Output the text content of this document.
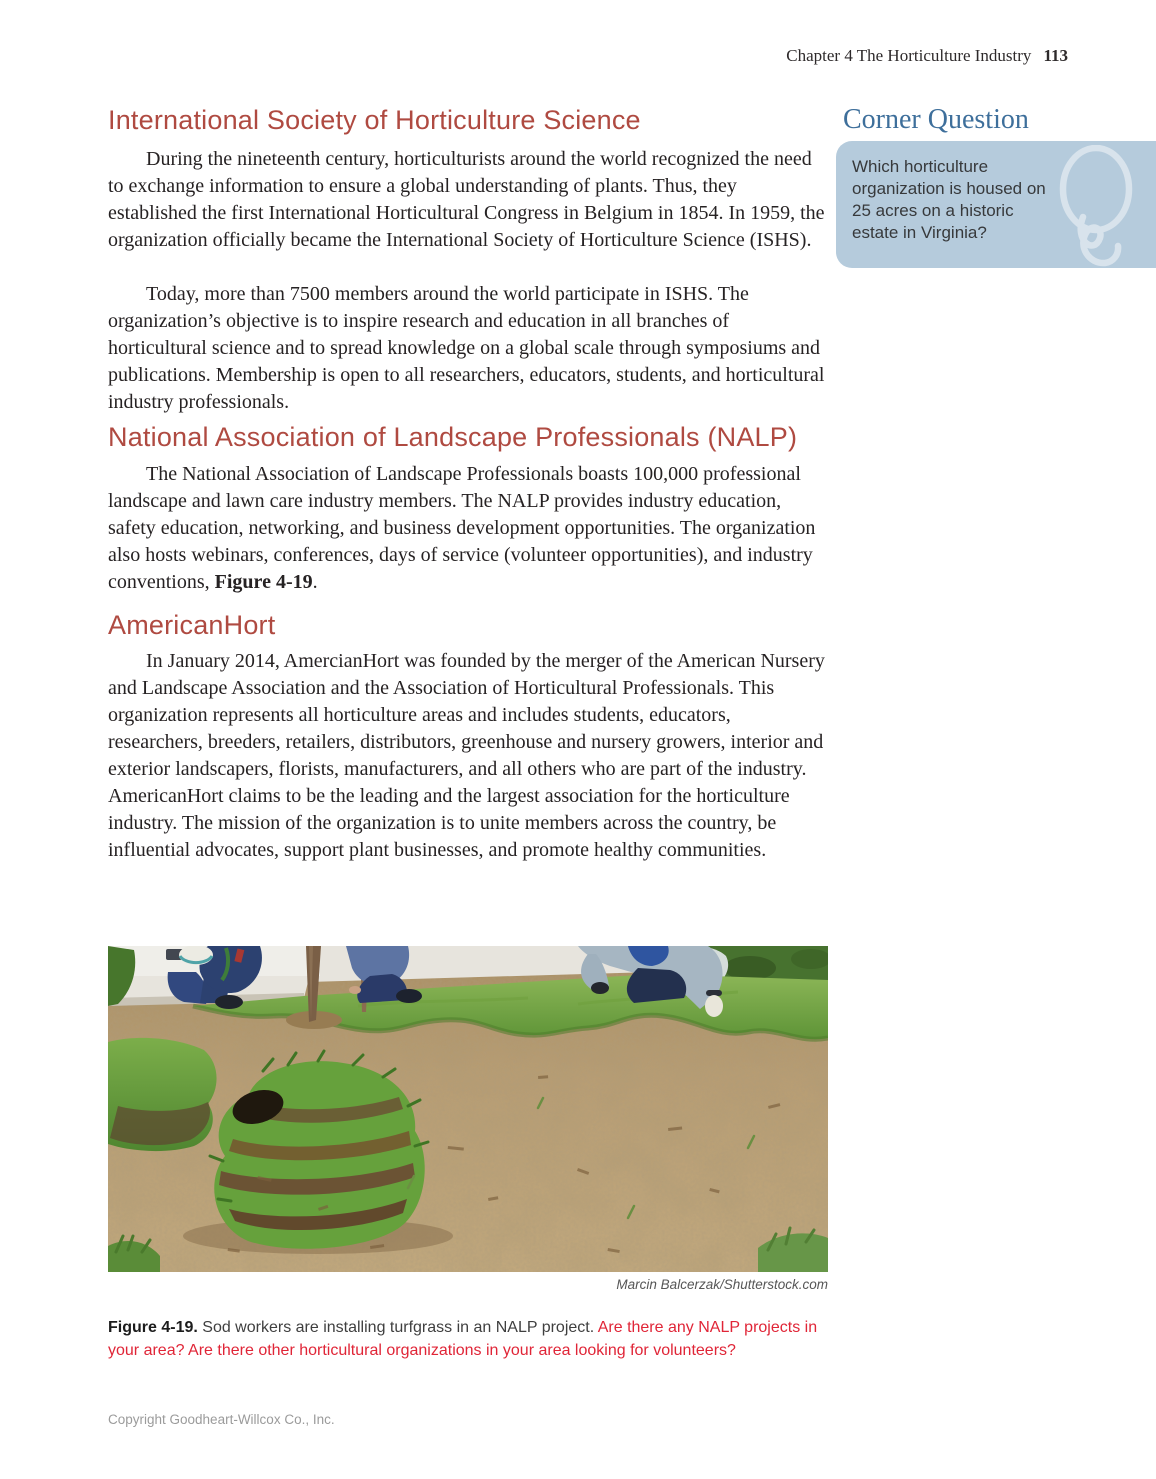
Chapter 4 The Horticulture Industry 113
International Society of Horticulture Science

During the nineteenth century, horticulturists around the world recognized the need to exchange information to ensure a global understanding of plants. Thus, they established the first International Horticultural Congress in Belgium in 1854. In 1959, the organization officially became the International Society of Horticulture Science (ISHS).

Today, more than 7500 members around the world participate in ISHS. The organization’s objective is to inspire research and education in all branches of horticultural science and to spread knowledge on a global scale through symposiums and publications. Membership is open to all researchers, educators, students, and horticultural industry professionals.

Corner Question

Which horticulture organization is housed on 25 acres on a historic estate in Virginia?

National Association of Landscape Professionals (NALP)

The National Association of Landscape Professionals boasts 100,000 professional landscape and lawn care industry members. The NALP provides industry education, safety education, networking, and business development opportunities. The organization also hosts webinars, conferences, days of service (volunteer opportunities), and industry conventions, Figure 4-19.

AmericanHort

In January 2014, AmercianHort was founded by the merger of the American Nursery and Landscape Association and the Association of Horticultural Professionals. This organization represents all horticulture areas and includes students, educators, researchers, breeders, retailers, distributors, greenhouse and nursery growers, interior and exterior landscapers, florists, manufacturers, and all others who are part of the industry. AmericanHort claims to be the leading and the largest association for the horticulture industry. The mission of the organization is to unite members across the country, be influential advocates, support plant businesses, and promote healthy communities.

Marcin Balcerzak/Shutterstock.com

Figure 4-19. Sod workers are installing turfgrass in an NALP project. Are there any NALP projects in your area? Are there other horticultural organizations in your area looking for volunteers?

Copyright Goodheart-Willcox Co., Inc.
